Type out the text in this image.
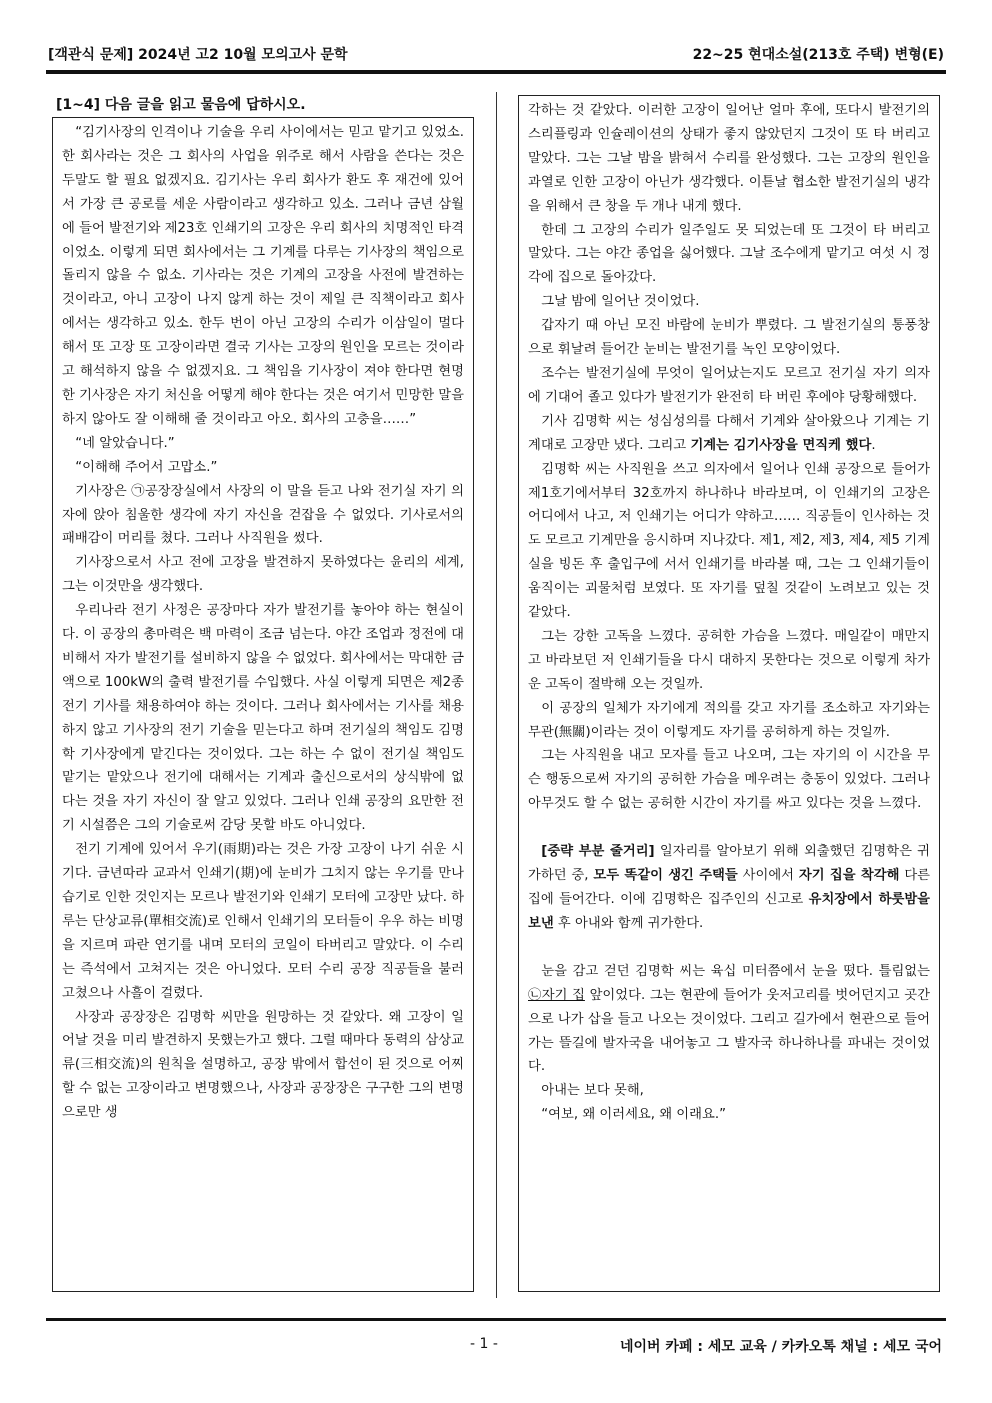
[객관식 문제] 2024년 고2 10월 모의고사 문학	22~25 현대소설(213호 주택) 변형(E)
[1~4] 다음 글을 읽고 물음에 답하시오.

“김기사장의 인격이나 기술을 우리 사이에서는 믿고 맡기고 있었소. 한 회사라는 것은 그 회사의 사업을 위주로 해서 사람을 쓴다는 것은 두말도 할 필요 없겠지요. 김기사는 우리 회사가 환도 후 재건에 있어서 가장 큰 공로를 세운 사람이라고 생각하고 있소. 그러나 금년 삼월에 들어 발전기와 제23호 인쇄기의 고장은 우리 회사의 치명적인 타격이었소. 이렇게 되면 회사에서는 그 기계를 다루는 기사장의 책임으로 돌리지 않을 수 없소. 기사라는 것은 기계의 고장을 사전에 발견하는 것이라고, 아니 고장이 나지 않게 하는 것이 제일 큰 직책이라고 회사에서는 생각하고 있소. 한두 번이 아닌 고장의 수리가 이삼일이 멀다 해서 또 고장 또 고장이라면 결국 기사는 고장의 원인을 모르는 것이라고 해석하지 않을 수 없겠지요. 그 책임을 기사장이 져야 한다면 현명한 기사장은 자기 처신을 어떻게 해야 한다는 것은 여기서 민망한 말을 하지 않아도 잘 이해해 줄 것이라고 아오. 회사의 고충을……”

“네 알았습니다.”

“이해해 주어서 고맙소.”

기사장은 ㉠공장장실에서 사장의 이 말을 듣고 나와 전기실 자기 의자에 앉아 침울한 생각에 자기 자신을 걷잡을 수 없었다. 기사로서의 패배감이 머리를 쳤다. 그러나 사직원을 썼다.

기사장으로서 사고 전에 고장을 발견하지 못하였다는 윤리의 세계, 그는 이것만을 생각했다.

우리나라 전기 사정은 공장마다 자가 발전기를 놓아야 하는 현실이다. 이 공장의 총마력은 백 마력이 조금 넘는다. 야간 조업과 정전에 대비해서 자가 발전기를 설비하지 않을 수 없었다. 회사에서는 막대한 금액으로 100kW의 출력 발전기를 수입했다. 사실 이렇게 되면은 제2종 전기 기사를 채용하여야 하는 것이다. 그러나 회사에서는 기사를 채용하지 않고 기사장의 전기 기술을 믿는다고 하며 전기실의 책임도 김명학 기사장에게 맡긴다는 것이었다. 그는 하는 수 없이 전기실 책임도 맡기는 맡았으나 전기에 대해서는 기계과 출신으로서의 상식밖에 없다는 것을 자기 자신이 잘 알고 있었다. 그러나 인쇄 공장의 요만한 전기 시설쯤은 그의 기술로써 감당 못할 바도 아니었다.

전기 기계에 있어서 우기(雨期)라는 것은 가장 고장이 나기 쉬운 시기다. 금년따라 교과서 인쇄기(期)에 눈비가 그치지 않는 우기를 만나 습기로 인한 것인지는 모르나 발전기와 인쇄기 모터에 고장만 났다. 하루는 단상교류(單相交流)로 인해서 인쇄기의 모터들이 우우 하는 비명을 지르며 파란 연기를 내며 모터의 코일이 타버리고 말았다. 이 수리는 즉석에서 고쳐지는 것은 아니었다. 모터 수리 공장 직공들을 불러 고쳤으나 사흘이 걸렸다.

사장과 공장장은 김명학 씨만을 원망하는 것 같았다. 왜 고장이 일어날 것을 미리 발견하지 못했는가고 했다. 그럴 때마다 동력의 삼상교류(三相交流)의 원칙을 설명하고, 공장 밖에서 합선이 된 것으로 어찌할 수 없는 고장이라고 변명했으나, 사장과 공장장은 구구한 그의 변명으로만 생

각하는 것 같았다. 이러한 고장이 일어난 얼마 후에, 또다시 발전기의 스리플링과 인슐레이션의 상태가 좋지 않았던지 그것이 또 타 버리고 말았다. 그는 그날 밤을 밝혀서 수리를 완성했다. 그는 고장의 원인을 과열로 인한 고장이 아닌가 생각했다. 이튿날 협소한 발전기실의 냉각을 위해서 큰 창을 두 개나 내게 했다.

한데 그 고장의 수리가 일주일도 못 되었는데 또 그것이 타 버리고 말았다. 그는 야간 종업을 싫어했다. 그날 조수에게 맡기고 여섯 시 정각에 집으로 돌아갔다.

그날 밤에 일어난 것이었다.

갑자기 때 아닌 모진 바람에 눈비가 뿌렸다. 그 발전기실의 통풍창으로 휘날려 들어간 눈비는 발전기를 녹인 모양이었다.

조수는 발전기실에 무엇이 일어났는지도 모르고 전기실 자기 의자에 기대어 졸고 있다가 발전기가 완전히 타 버린 후에야 당황해했다.

기사 김명학 씨는 성심성의를 다해서 기계와 살아왔으나 기계는 기계대로 고장만 냈다. 그리고 기계는 김기사장을 면직케 했다.

김명학 씨는 사직원을 쓰고 의자에서 일어나 인쇄 공장으로 들어가 제1호기에서부터 32호까지 하나하나 바라보며, 이 인쇄기의 고장은 어디에서 나고, 저 인쇄기는 어디가 약하고…… 직공들이 인사하는 것도 모르고 기계만을 응시하며 지나갔다. 제1, 제2, 제3, 제4, 제5 기계실을 빙돈 후 출입구에 서서 인쇄기를 바라볼 때, 그는 그 인쇄기들이 움직이는 괴물처럼 보였다. 또 자기를 덮칠 것같이 노려보고 있는 것 같았다.

그는 강한 고독을 느꼈다. 공허한 가슴을 느꼈다. 매일같이 매만지고 바라보던 저 인쇄기들을 다시 대하지 못한다는 것으로 이렇게 차가운 고독이 절박해 오는 것일까.

이 공장의 일체가 자기에게 적의를 갖고 자기를 조소하고 자기와는 무관(無關)이라는 것이 이렇게도 자기를 공허하게 하는 것일까.

그는 사직원을 내고 모자를 들고 나오며, 그는 자기의 이 시간을 무슨 행동으로써 자기의 공허한 가슴을 메우려는 충동이 있었다. 그러나 아무것도 할 수 없는 공허한 시간이 자기를 싸고 있다는 것을 느꼈다.

[중략 부분 줄거리] 일자리를 알아보기 위해 외출했던 김명학은 귀가하던 중, 모두 똑같이 생긴 주택들 사이에서 자기 집을 착각해 다른 집에 들어간다. 이에 김명학은 집주인의 신고로 유치장에서 하룻밤을 보낸 후 아내와 함께 귀가한다.

눈을 감고 걷던 김명학 씨는 육십 미터쯤에서 눈을 떴다. 틀림없는 ㉡자기 집 앞이었다. 그는 현관에 들어가 웃저고리를 벗어던지고 곳간으로 나가 삽을 들고 나오는 것이었다. 그리고 길가에서 현관으로 들어가는 뜰길에 발자국을 내어놓고 그 발자국 하나하나를 파내는 것이었다.

아내는 보다 못해,

“여보, 왜 이러세요, 왜 이래요.”

- 1 -	네이버 카페 : 세모 교육 / 카카오톡 채널 : 세모 국어
